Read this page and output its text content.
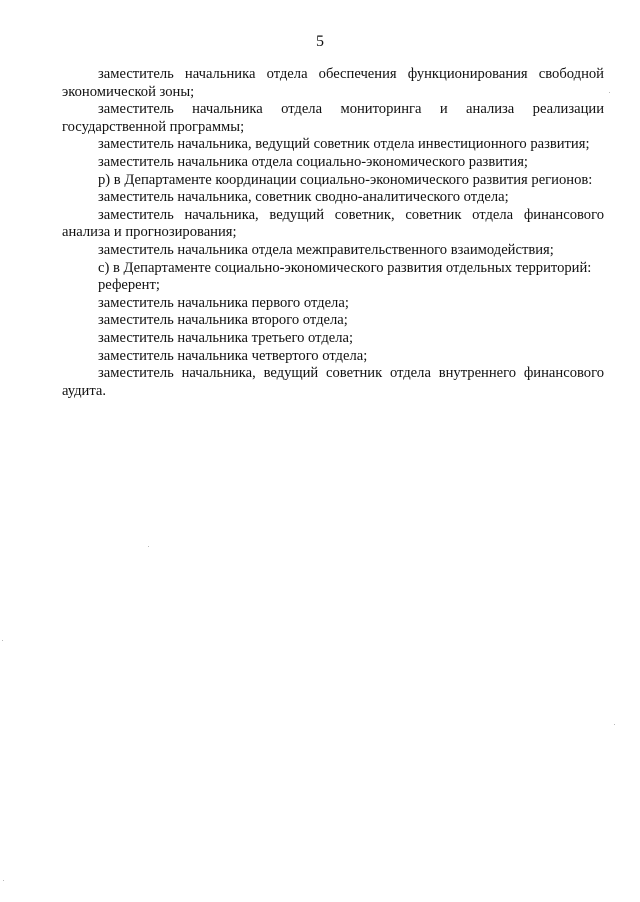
5

заместитель начальника отдела обеспечения функционирования свободной экономической зоны;

заместитель начальника отдела мониторинга и анализа реализации государственной программы;

заместитель начальника, ведущий советник отдела инвестиционного развития;

заместитель начальника отдела социально-экономического развития;

р) в Департаменте координации социально-экономического развития регионов:

заместитель начальника, советник сводно-аналитического отдела;

заместитель начальника, ведущий советник, советник отдела финансового анализа и прогнозирования;

заместитель начальника отдела межправительственного взаимодействия;

с) в Департаменте социально-экономического развития отдельных территорий:

референт;

заместитель начальника первого отдела;

заместитель начальника второго отдела;

заместитель начальника третьего отдела;

заместитель начальника четвертого отдела;

заместитель начальника, ведущий советник отдела внутреннего финансового аудита.
